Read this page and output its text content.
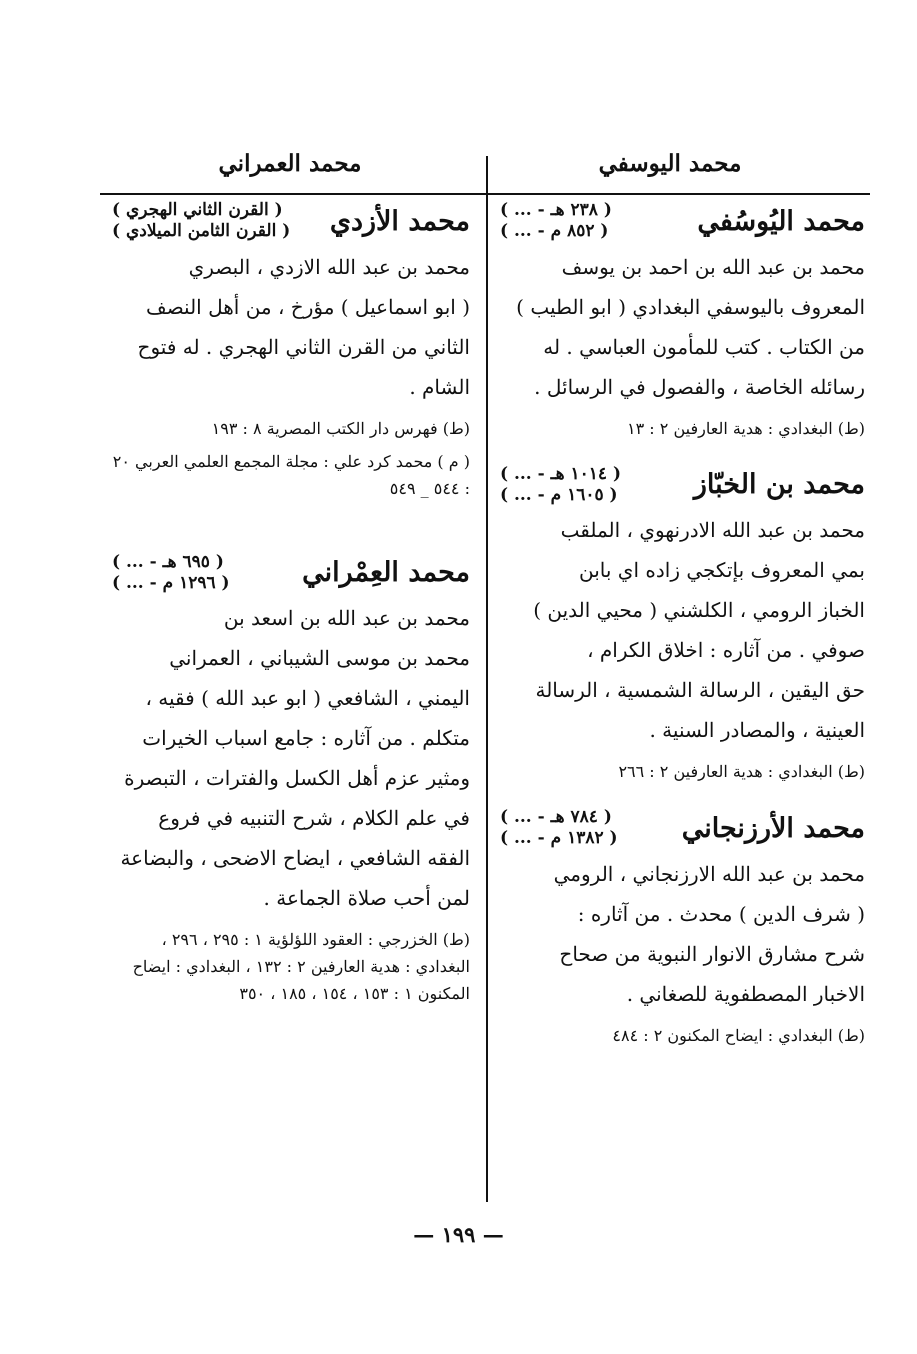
محمد اليوسفي
محمد العمراني
محمد اليُوسُفي
( ... - ٢٣٨ هـ )
( ... - ٨٥٢ م )

محمد بن عبد الله بن احمد بن يوسف

المعروف باليوسفي البغدادي ( ابو الطيب )

من الكتاب . كتب للمأمون العباسي . له

رسائله الخاصة ، والفصول في الرسائل .

(ط) البغدادي : هدية العارفين ٢ : ١٣

محمد بن الخبّاز
( ... - ١٠١٤ هـ )
( ... - ١٦٠٥ م )

محمد بن عبد الله الادرنهوي ، الملقب

بمي المعروف بإتكجي زاده اي بابن

الخباز الرومي ، الكلشني ( محيي الدين )

صوفي . من آثاره : اخلاق الكرام ،

حق اليقين ، الرسالة الشمسية ، الرسالة

العينية ، والمصادر السنية .

(ط) البغدادي : هدية العارفين ٢ : ٢٦٦

محمد الأرزنجاني
( ... - ٧٨٤ هـ )
( ... - ١٣٨٢ م )

محمد بن عبد الله الارزنجاني ، الرومي

( شرف الدين ) محدث . من آثاره :

شرح مشارق الانوار النبوية من صحاح

الاخبار المصطفوية للصغاني .

(ط) البغدادي : ايضاح المكنون ٢ : ٤٨٤

محمد الأزدي
( القرن الثاني الهجري )
( القرن الثامن الميلادي )

محمد بن عبد الله الازدي ، البصري

( ابو اسماعيل ) مؤرخ ، من أهل النصف

الثاني من القرن الثاني الهجري . له فتوح

الشام .

(ط) فهرس دار الكتب المصرية ٨ : ١٩٣

( م ) محمد كرد علي : مجلة المجمع العلمي العربي ٢٠ : ٥٤٤ _ ٥٤٩

محمد العِمْراني
( ... - ٦٩٥ هـ )
( ... - ١٢٩٦ م )

محمد بن عبد الله بن اسعد بن

محمد بن موسى الشيباني ، العمراني

اليمني ، الشافعي ( ابو عبد الله ) فقيه ،

متكلم . من آثاره : جامع اسباب الخيرات

ومثير عزم أهل الكسل والفترات ، التبصرة

في علم الكلام ، شرح التنبيه في فروع

الفقه الشافعي ، ايضاح الاضحى ، والبضاعة

لمن أحب صلاة الجماعة .

(ط) الخزرجي : العقود اللؤلؤية ١ : ٢٩٥ ، ٢٩٦ ، البغدادي : هدية العارفين ٢ : ١٣٢ ، البغدادي : ايضاح المكنون ١ : ١٥٣ ، ١٥٤ ، ١٨٥ ، ٣٥٠

— ١٩٩ —
